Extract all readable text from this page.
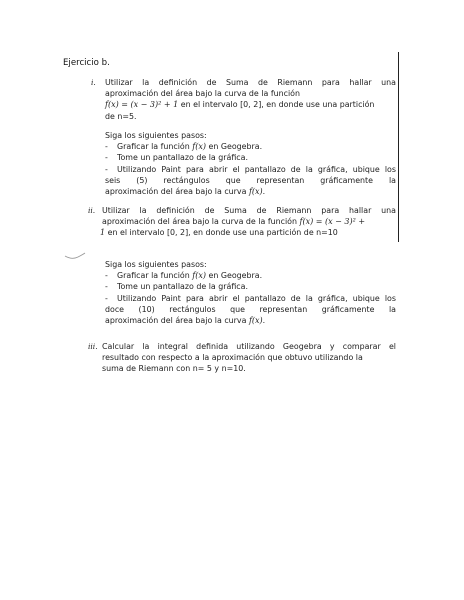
Ejercicio b.
i. Utilizar la definición de Suma de Riemann para hallar una
aproximación del área bajo la curva de la función
f(x) = (x − 3)² + 1 en el intervalo [0, 2], en donde use una partición
de n=5.
Siga los siguientes pasos:
-	Graficar la función f(x) en Geogebra.
-	Tome un pantallazo de la gráfica.
-	Utilizando Paint para abrir el pantallazo de la gráfica, ubique los
seis (5) rectángulos que representan gráficamente la
aproximación del área bajo la curva f(x).
ii. Utilizar la definición de Suma de Riemann para hallar una
aproximación del área bajo la curva de la función f(x) = (x − 3)² +
1 en el intervalo [0, 2], en donde use una partición de n=10
Siga los siguientes pasos:
-	Graficar la función f(x) en Geogebra.
-	Tome un pantallazo de la gráfica.
-	Utilizando Paint para abrir el pantallazo de la gráfica, ubique los
doce (10) rectángulos que representan gráficamente la
aproximación del área bajo la curva f(x).
iii. Calcular la integral definida utilizando Geogebra y comparar el
resultado con respecto a la aproximación que obtuvo utilizando la
suma de Riemann con n= 5 y n=10.
